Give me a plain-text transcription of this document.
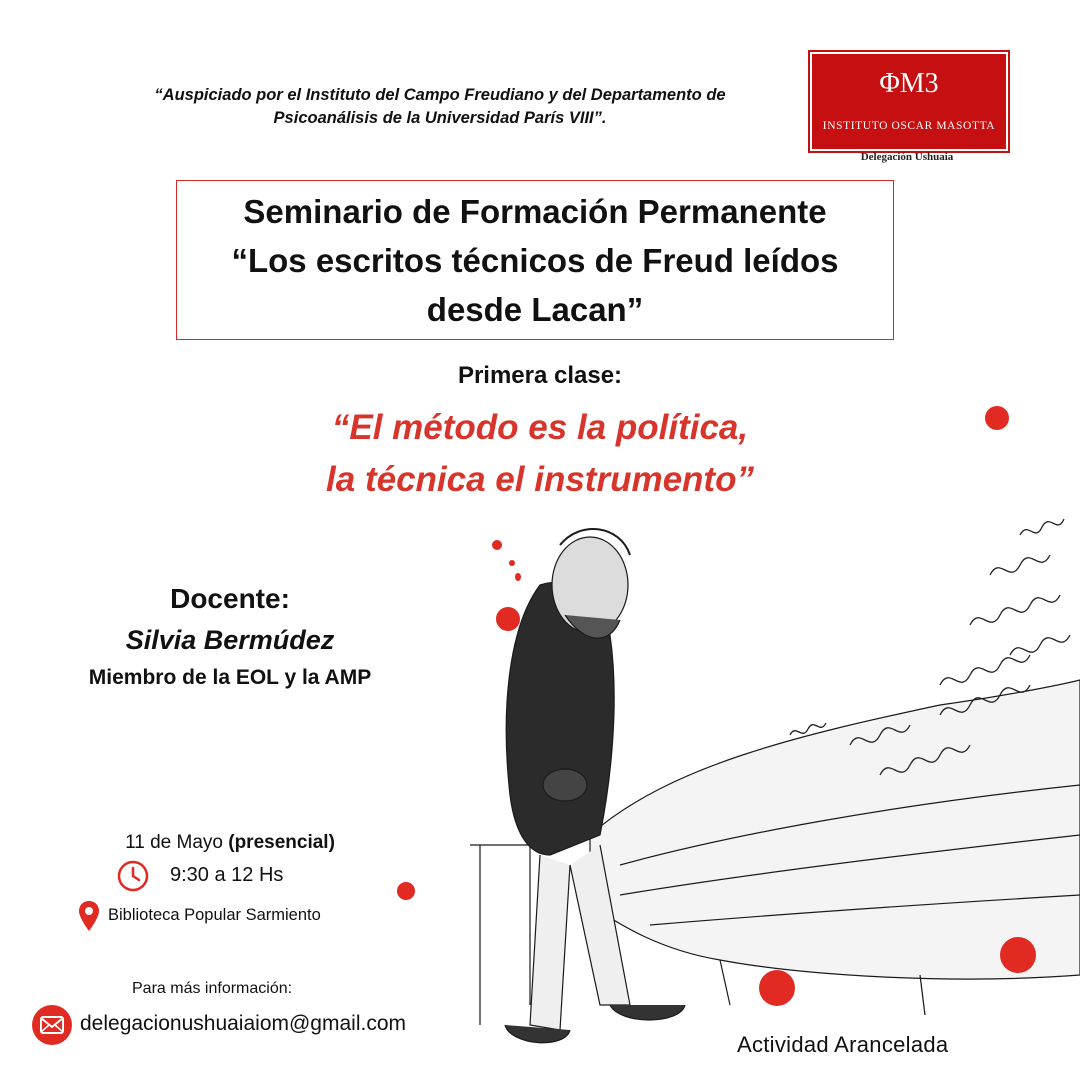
“Auspiciado por el Instituto del Campo Freudiano y del Departamento de
Psicoanálisis de la Universidad París VIII”.
ΦM3
INSTITUTO OSCAR MASOTTA
Delegación Ushuaia
Seminario de Formación Permanente
“Los escritos técnicos de Freud leídos
desde Lacan”
Primera clase:
“El método es la política,
la técnica el instrumento”
Docente:
Silvia Bermúdez
Miembro de la EOL y la AMP
11 de Mayo (presencial)
9:30 a 12 Hs
Biblioteca Popular Sarmiento
Para más información:
delegacionushuaiaiom@gmail.com
Actividad Arancelada
